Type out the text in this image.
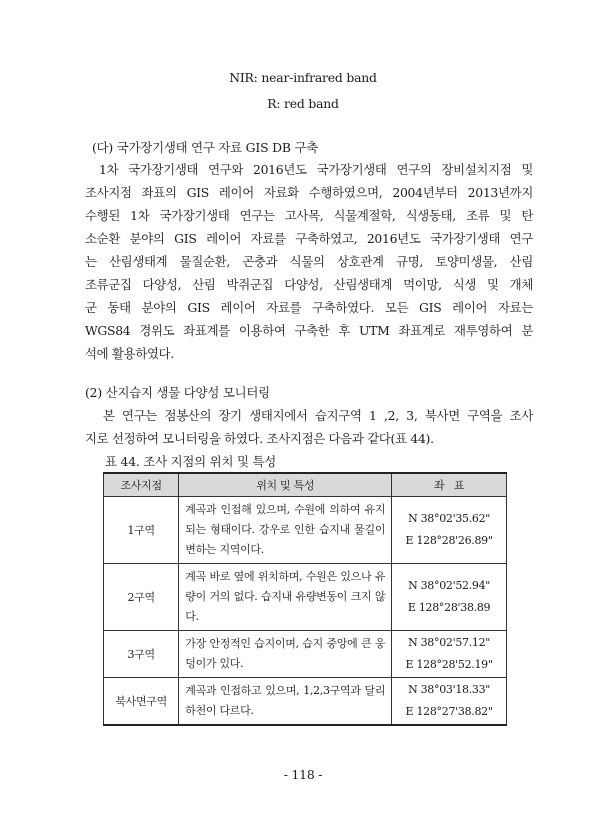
NIR: near-infrared band
R: red band
(다) 국가장기생태 연구 자료 GIS DB 구축
1차 국가장기생태 연구와 2016년도 국가장기생태 연구의 장비설치지점 및
조사지점 좌표의 GIS 레이어 자료화 수행하였으며, 2004년부터 2013년까지
수행된 1차 국가장기생태 연구는 고사목, 식물계절학, 식생동태, 조류 및 탄
소순환 분야의 GIS 레이어 자료를 구축하였고, 2016년도 국가장기생태 연구
는 산림생태계 물질순환, 곤충과 식물의 상호관계 규명, 토양미생물, 산림
조류군집 다양성, 산림 박쥐군집 다양성, 산림생태계 먹이망, 식생 및 개체
군 동태 분야의 GIS 레이어 자료를 구축하였다. 모든 GIS 레이어 자료는
WGS84 경위도 좌표계를 이용하여 구축한 후 UTM 좌표계로 재투영하여 분
석에 활용하였다.
(2) 산지습지 생물 다양성 모니터링
본 연구는 점봉산의 장기 생태지에서 습지구역 1 ,2, 3, 북사면 구역을 조사
지로 선정하여 모니터링을 하였다. 조사지점은 다음과 같다(표 44).
표 44. 조사 지점의 위치 및 특성
조사지점	위치 및 특성	좌   표
1구역	계곡과 인접해 있으며, 수원에 의하여 유지되는 형태이다. 강우로 인한 습지내 물길이 변하는 지역이다.	N 38°02'35.62"
E 128°28'26.89"

2구역	계곡 바로 옆에 위치하며, 수원은 있으나 유량이 거의 없다. 습지내 유량변동이 크지 않다.	N 38°02'52.94"
E 128°28'38.89

3구역	가장 안정적인 습지이며, 습지 중앙에 큰 웅덩이가 있다.	N 38°02'57.12"
E 128°28'52.19"

북사면구역	계곡과 인접하고 있으며, 1,2,3구역과 달리 하천이 다르다.	N 38°03'18.33"
E 128°27'38.82"
- 118 -
